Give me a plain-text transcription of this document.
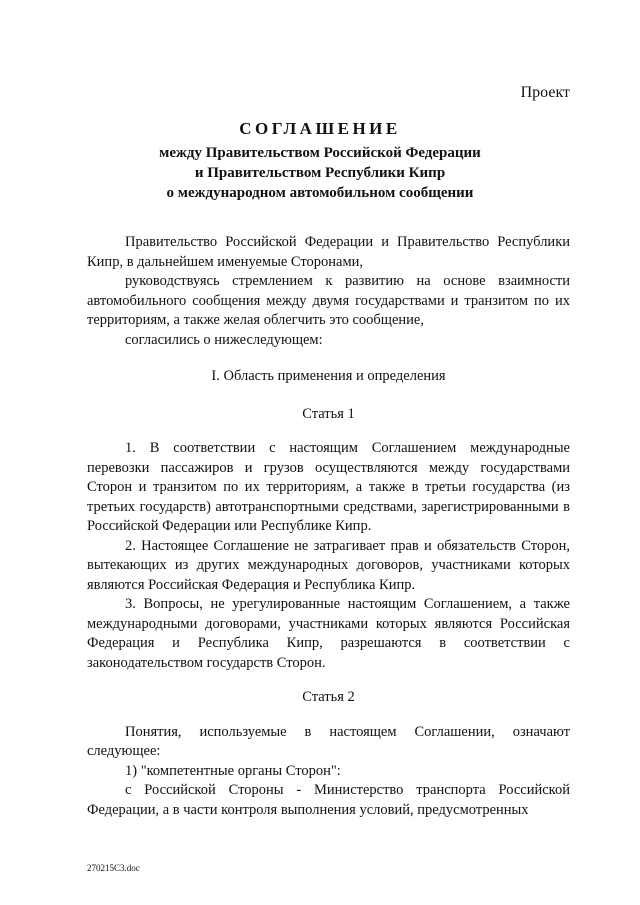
Проект
СОГЛАШЕНИЕ
между Правительством Российской Федерации
и Правительством Республики Кипр
о международном автомобильном сообщении

Правительство Российской Федерации и Правительство Республики Кипр, в дальнейшем именуемые Сторонами,

руководствуясь стремлением к развитию на основе взаимности автомобильного сообщения между двумя государствами и транзитом по их территориям, а также желая облегчить это сообщение,

согласились о нижеследующем:

I. Область применения и определения

Статья 1

1. В соответствии с настоящим Соглашением международные перевозки пассажиров и грузов осуществляются между государствами Сторон и транзитом по их территориям, а также в третьи государства (из третьих государств) автотранспортными средствами, зарегистрированными в Российской Федерации или Республике Кипр.

2. Настоящее Соглашение не затрагивает прав и обязательств Сторон, вытекающих из других международных договоров, участниками которых являются Российская Федерация и Республика Кипр.

3. Вопросы, не урегулированные настоящим Соглашением, а также международными договорами, участниками которых являются Российская Федерация и Республика Кипр, разрешаются в соответствии с законодательством государств Сторон.

Статья 2

Понятия, используемые в настоящем Соглашении, означают следующее:

1) "компетентные органы Сторон":

с Российской Стороны - Министерство транспорта Российской Федерации, а в части контроля выполнения условий, предусмотренных

270215C3.doc
